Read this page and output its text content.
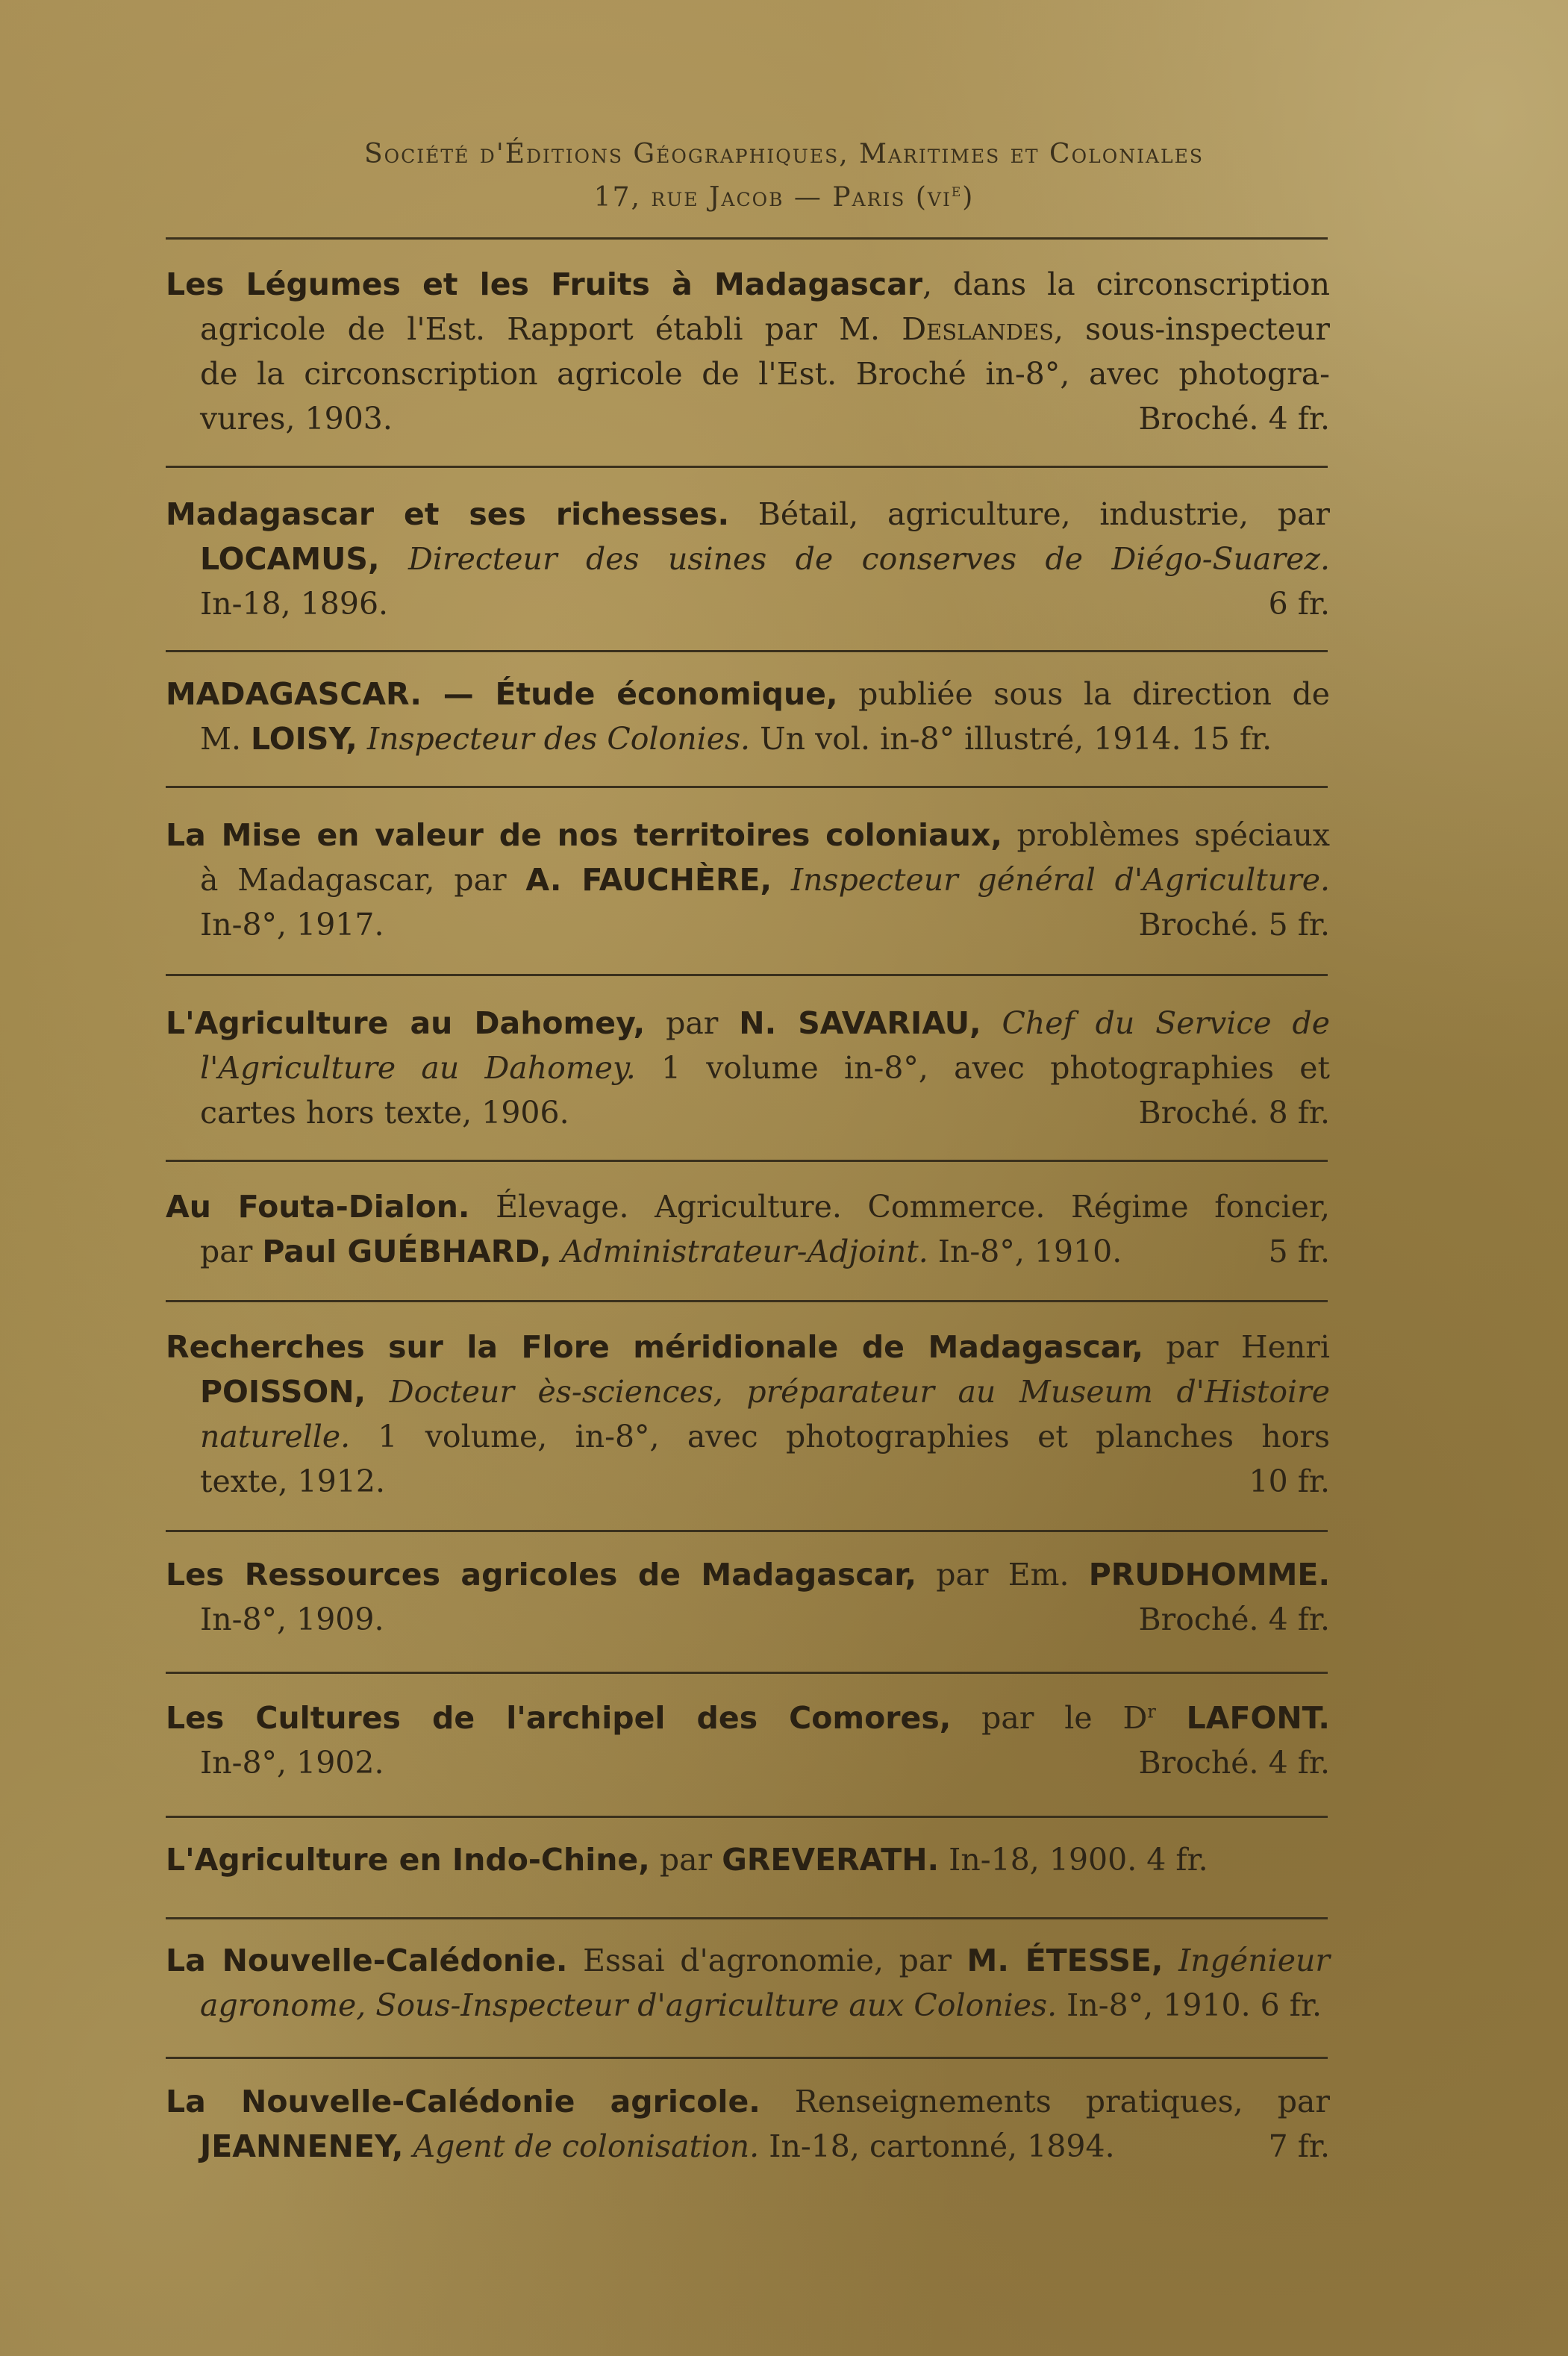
Société d'Éditions Géographiques, Maritimes et Coloniales
17, rue Jacob — Paris $(vi^e)$
Les Légumes et les Fruits à Madagascar, dans la circonscription
agricole de l'Est. Rapport établi par M. Deslandes, sous-inspecteur
de la circonscription agricole de l'Est. Broché in-8°, avec photogra-
vures, 1903.	Broché. 4 fr.
Madagascar et ses richesses. Bétail, agriculture, industrie, par
LOCAMUS, Directeur des usines de conserves de Diégo-Suarez.
In-18, 1896.	6 fr.
MADAGASCAR. — Étude économique, publiée sous la direction de
M. LOISY, Inspecteur des Colonies. Un vol. in-8° illustré, 1914. 15 fr.
La Mise en valeur de nos territoires coloniaux, problèmes spéciaux
à Madagascar, par A. FAUCHÈRE, Inspecteur général d'Agriculture.
In-8°, 1917.	Broché. 5 fr.
L'Agriculture au Dahomey, par N. SAVARIAU, Chef du Service de
l'Agriculture au Dahomey. 1 volume in-8°, avec photographies et
cartes hors texte, 1906.	Broché. 8 fr.
Au Fouta-Dialon. Élevage. Agriculture. Commerce. Régime foncier,
par Paul GUÉBHARD, Administrateur-Adjoint. In-8°, 1910.	5 fr.
Recherches sur la Flore méridionale de Madagascar, par Henri
POISSON, Docteur ès-sciences, préparateur au Museum d'Histoire
naturelle. 1 volume, in-8°, avec photographies et planches hors
texte, 1912.	10 fr.
Les Ressources agricoles de Madagascar, par Em. PRUDHOMME.
In-8°, 1909.	Broché. 4 fr.
Les Cultures de l'archipel des Comores, par le $D^r$ LAFONT.
In-8°, 1902.	Broché. 4 fr.
L'Agriculture en Indo-Chine, par GREVERATH. In-18, 1900. 4 fr.
La Nouvelle-Calédonie. Essai d'agronomie, par M. ÉTESSE, Ingénieur
agronome, Sous-Inspecteur d'agriculture aux Colonies. In-8°, 1910. 6 fr.
La Nouvelle-Calédonie agricole. Renseignements pratiques, par
JEANNENEY, Agent de colonisation. In-18, cartonné, 1894.	7 fr.
